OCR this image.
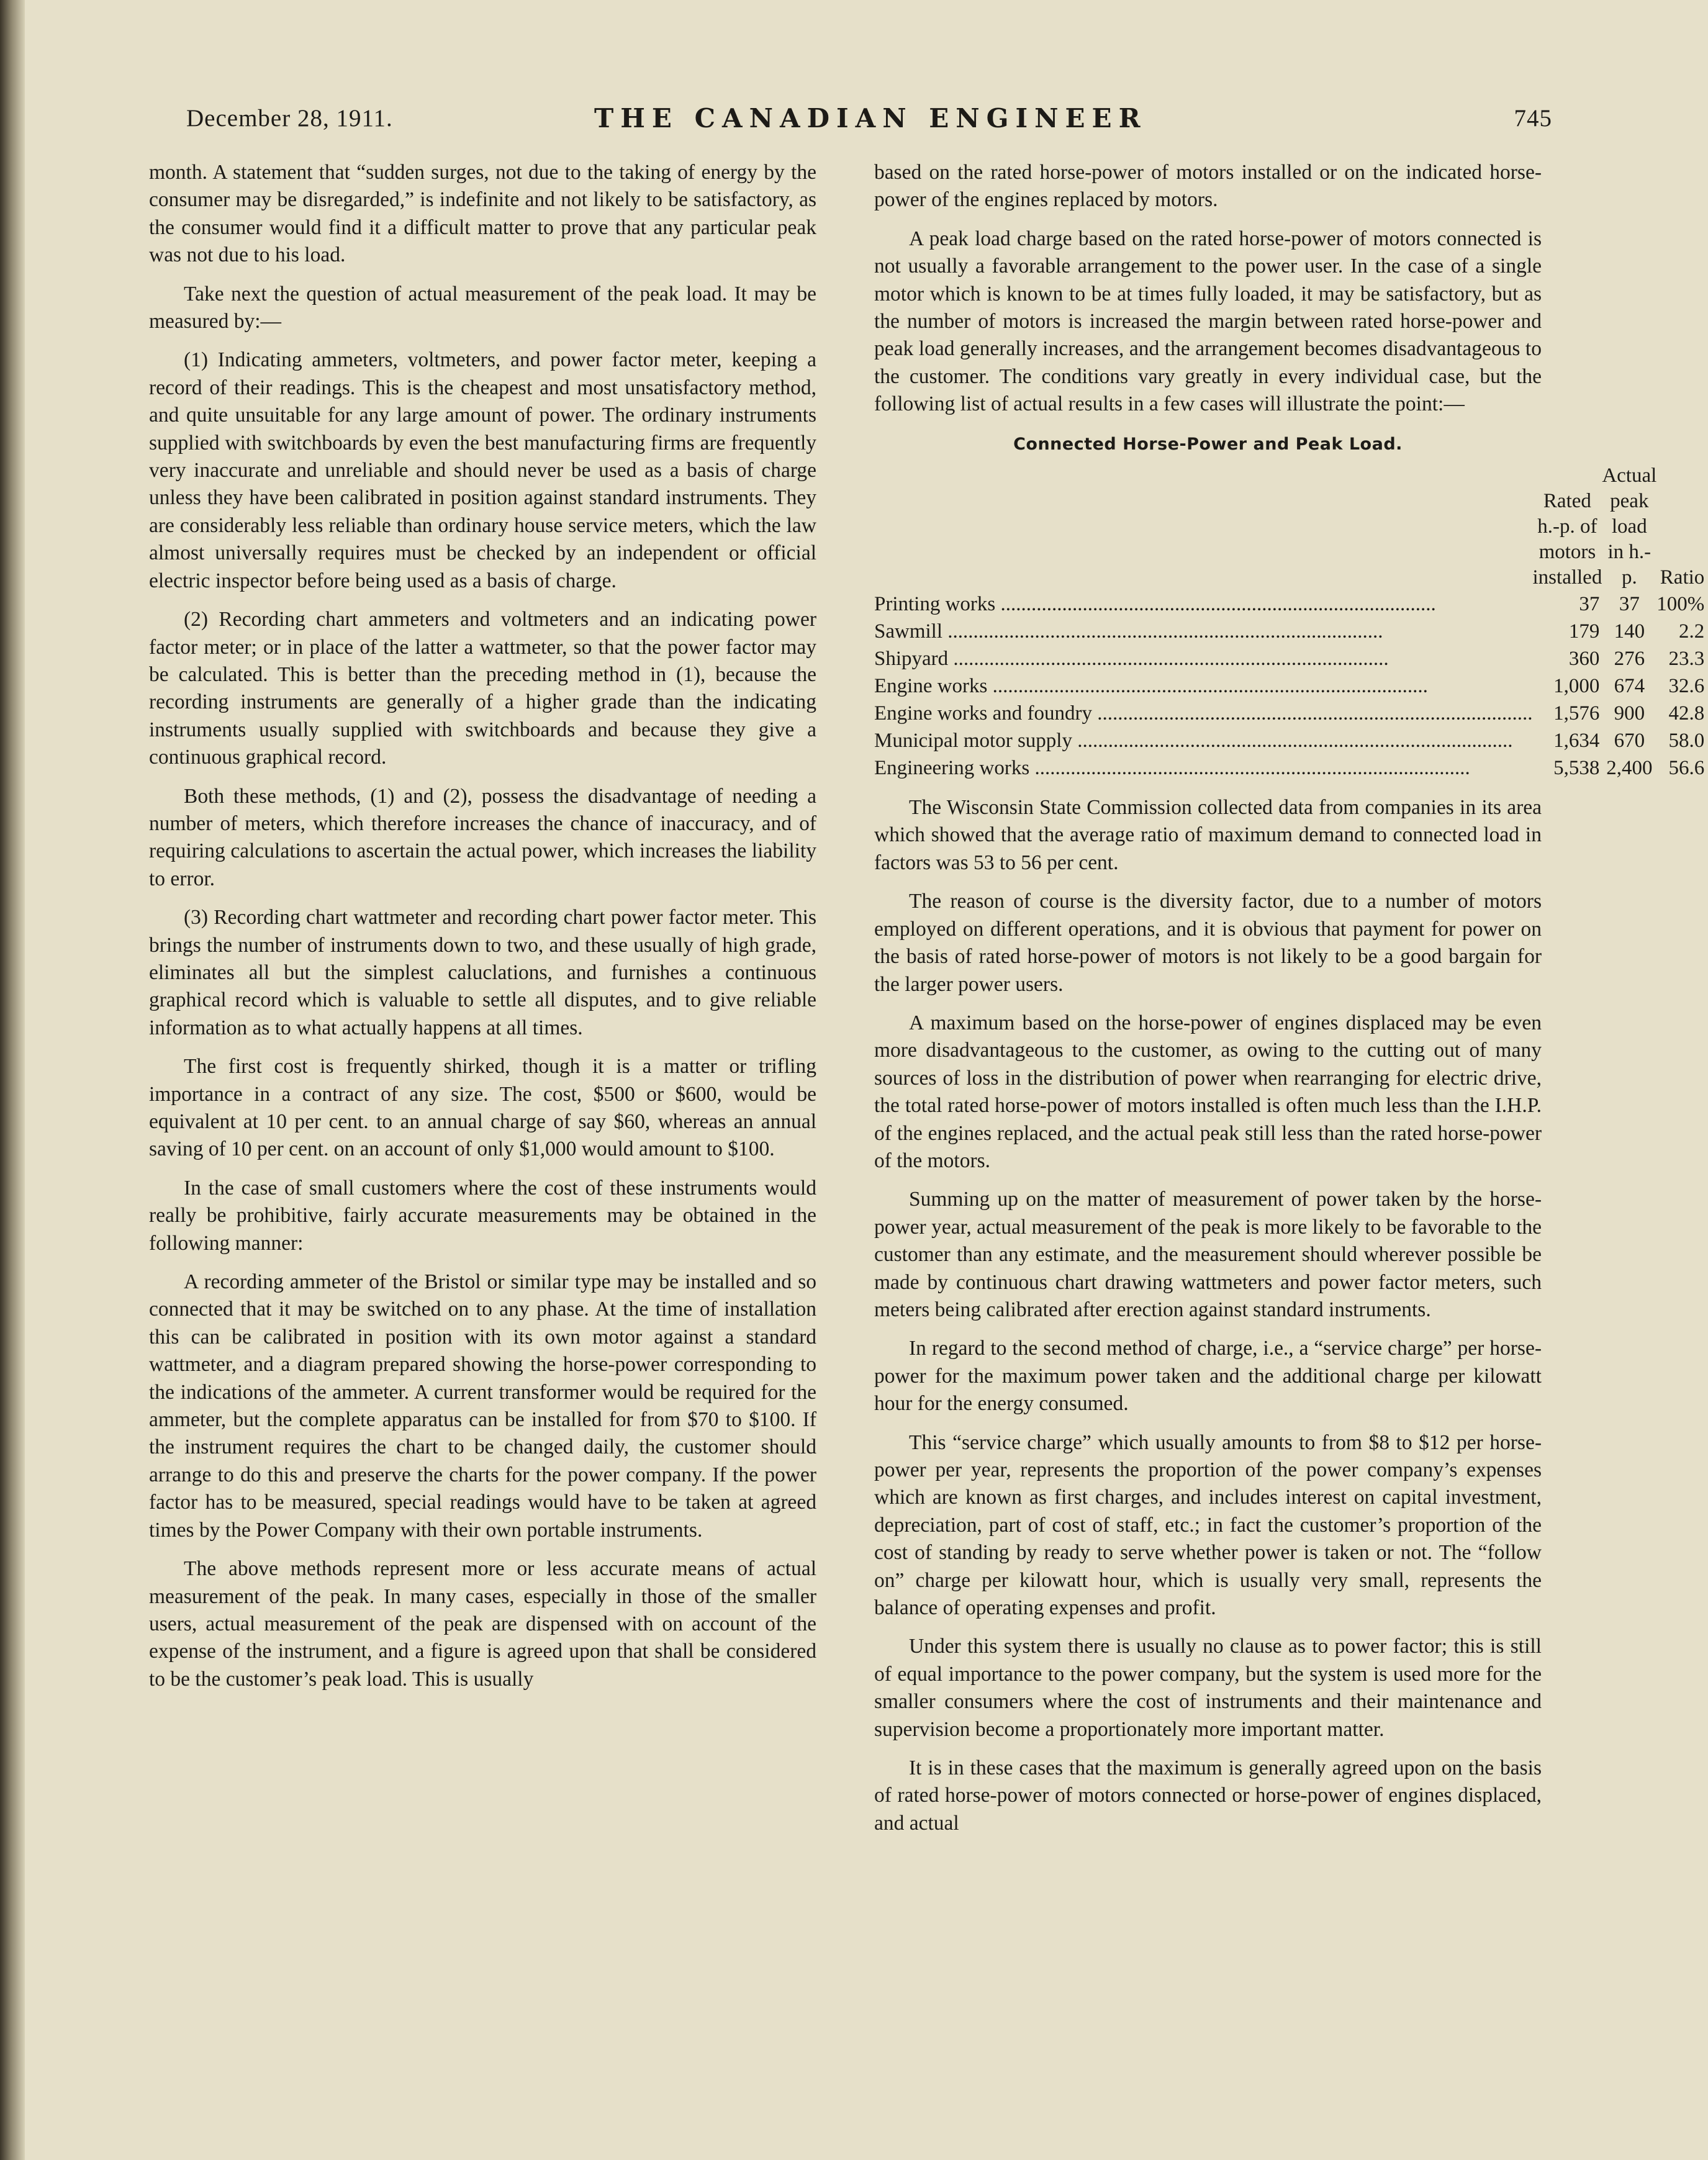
December 28, 1911.	THE CANADIAN ENGINEER	745

month. A statement that “sudden surges, not due to the taking of energy by the consumer may be disregarded,” is indefinite and not likely to be satisfactory, as the consumer would find it a difficult matter to prove that any particular peak was not due to his load.

Take next the question of actual measurement of the peak load. It may be measured by:—

(1) Indicating ammeters, voltmeters, and power factor meter, keeping a record of their readings. This is the cheapest and most unsatisfactory method, and quite unsuitable for any large amount of power. The ordinary instruments supplied with switchboards by even the best manufacturing firms are frequently very inaccurate and unreliable and should never be used as a basis of charge unless they have been calibrated in position against standard instruments. They are considerably less reliable than ordinary house service meters, which the law almost universally requires must be checked by an independent or official electric inspector before being used as a basis of charge.

(2) Recording chart ammeters and voltmeters and an indicating power factor meter; or in place of the latter a wattmeter, so that the power factor may be calculated. This is better than the preceding method in (1), because the recording instruments are generally of a higher grade than the indicating instruments usually supplied with switchboards and because they give a continuous graphical record.

Both these methods, (1) and (2), possess the disadvantage of needing a number of meters, which therefore increases the chance of inaccuracy, and of requiring calculations to ascertain the actual power, which increases the liability to error.

(3) Recording chart wattmeter and recording chart power factor meter. This brings the number of instruments down to two, and these usually of high grade, eliminates all but the simplest caluclations, and furnishes a continuous graphical record which is valuable to settle all disputes, and to give reliable information as to what actually happens at all times.

The first cost is frequently shirked, though it is a matter or trifling importance in a contract of any size. The cost, $500 or $600, would be equivalent at 10 per cent. to an annual charge of say $60, whereas an annual saving of 10 per cent. on an account of only $1,000 would amount to $100.

In the case of small customers where the cost of these instruments would really be prohibitive, fairly accurate measurements may be obtained in the following manner:

A recording ammeter of the Bristol or similar type may be installed and so connected that it may be switched on to any phase. At the time of installation this can be calibrated in position with its own motor against a standard wattmeter, and a diagram prepared showing the horse-power corresponding to the indications of the ammeter. A current transformer would be required for the ammeter, but the complete apparatus can be installed for from $70 to $100. If the instrument requires the chart to be changed daily, the customer should arrange to do this and preserve the charts for the power company. If the power factor has to be measured, special readings would have to be taken at agreed times by the Power Company with their own portable instruments.

The above methods represent more or less accurate means of actual measurement of the peak. In many cases, especially in those of the smaller users, actual measurement of the peak are dispensed with on account of the expense of the instrument, and a figure is agreed upon that shall be considered to be the customer’s peak load. This is usually

based on the rated horse-power of motors installed or on the indicated horse-power of the engines replaced by motors.

A peak load charge based on the rated horse-power of motors connected is not usually a favorable arrangement to the power user. In the case of a single motor which is known to be at times fully loaded, it may be satisfactory, but as the number of motors is increased the margin between rated horse-power and peak load generally increases, and the arrangement becomes disadvantageous to the customer. The conditions vary greatly in every individual case, but the following list of actual results in a few cases will illustrate the point:—

Connected Horse-Power and Peak Load.
	Rated h.-p. of motors installed	Actual peak load in h.-p.	Ratio

Printing works .....	37	37	100%

Sawmill .....	179	140	2.2

Shipyard .....	360	276	23.3

Engine works .....	1,000	674	32.6

Engine works and foundry .....	1,576	900	42.8

Municipal motor supply .....	1,634	670	58.0

Engineering works .....	5,538	2,400	56.6

The Wisconsin State Commission collected data from companies in its area which showed that the average ratio of maximum demand to connected load in factors was 53 to 56 per cent.

The reason of course is the diversity factor, due to a number of motors employed on different operations, and it is obvious that payment for power on the basis of rated horse-power of motors is not likely to be a good bargain for the larger power users.

A maximum based on the horse-power of engines displaced may be even more disadvantageous to the customer, as owing to the cutting out of many sources of loss in the distribution of power when rearranging for electric drive, the total rated horse-power of motors installed is often much less than the I.H.P. of the engines replaced, and the actual peak still less than the rated horse-power of the motors.

Summing up on the matter of measurement of power taken by the horse-power year, actual measurement of the peak is more likely to be favorable to the customer than any estimate, and the measurement should wherever possible be made by continuous chart drawing wattmeters and power factor meters, such meters being calibrated after erection against standard instruments.

In regard to the second method of charge, i.e., a “service charge” per horse-power for the maximum power taken and the additional charge per kilowatt hour for the energy consumed.

This “service charge” which usually amounts to from $8 to $12 per horse-power per year, represents the proportion of the power company’s expenses which are known as first charges, and includes interest on capital investment, depreciation, part of cost of staff, etc.; in fact the customer’s proportion of the cost of standing by ready to serve whether power is taken or not. The “follow on” charge per kilowatt hour, which is usually very small, represents the balance of operating expenses and profit.

Under this system there is usually no clause as to power factor; this is still of equal importance to the power company, but the system is used more for the smaller consumers where the cost of instruments and their maintenance and supervision become a proportionately more important matter.

It is in these cases that the maximum is generally agreed upon on the basis of rated horse-power of motors connected or horse-power of engines displaced, and actual
